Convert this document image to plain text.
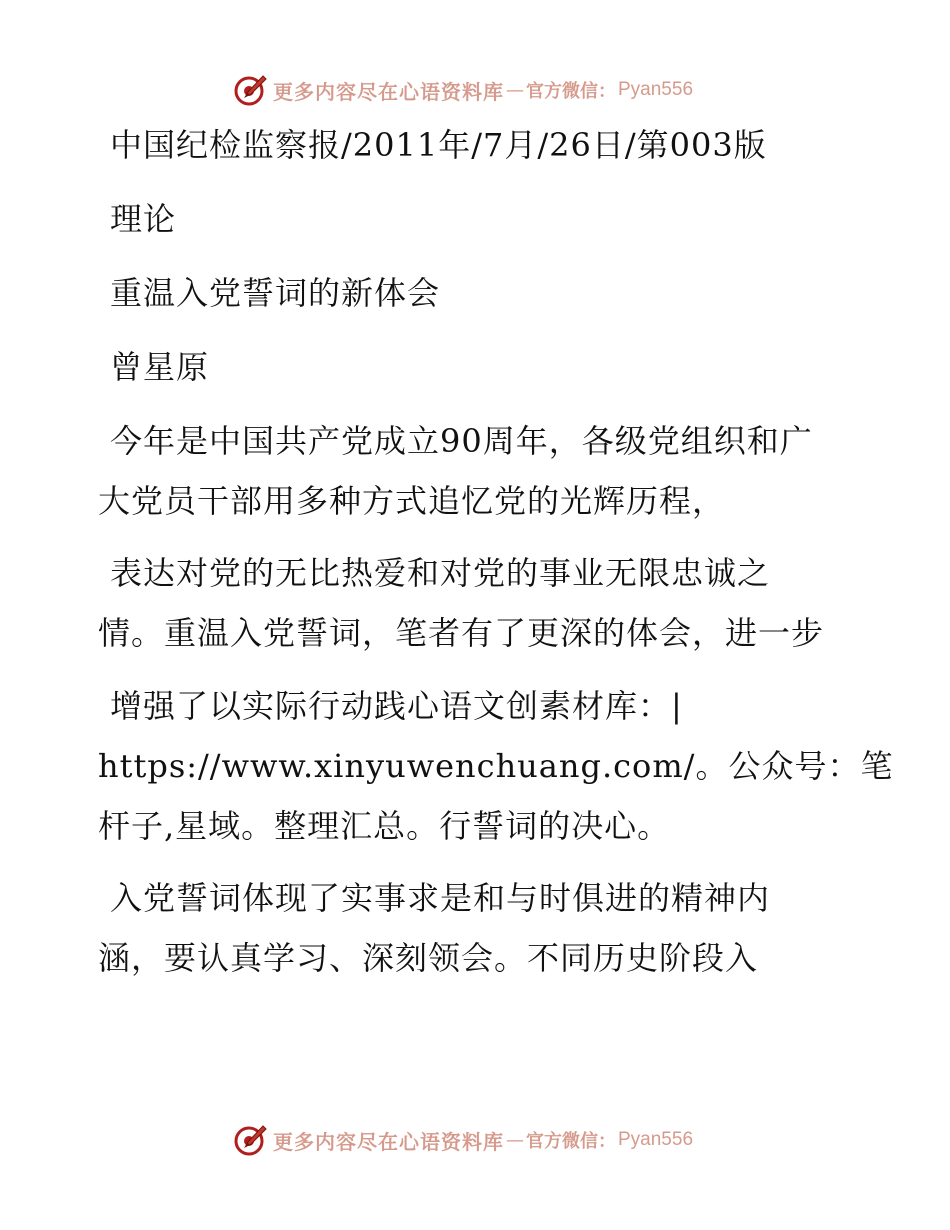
更多内容尽在心语资料库 — 官方微信： Pyan556
中国纪检监察报/2011年/7月/26日/第003版
理论
重温入党誓词的新体会
曾星原
今年是中国共产党成立90周年，各级党组织和广
大党员干部用多种方式追忆党的光辉历程，
表达对党的无比热爱和对党的事业无限忠诚之
情。重温入党誓词，笔者有了更深的体会，进一步
增强了以实际行动践心语文创素材库：|
https://www.xinyuwenchuang.com/。公众号：笔
杆子,星域。整理汇总。行誓词的决心。
入党誓词体现了实事求是和与时俱进的精神内
涵，要认真学习、深刻领会。不同历史阶段入
更多内容尽在心语资料库 — 官方微信： Pyan556
